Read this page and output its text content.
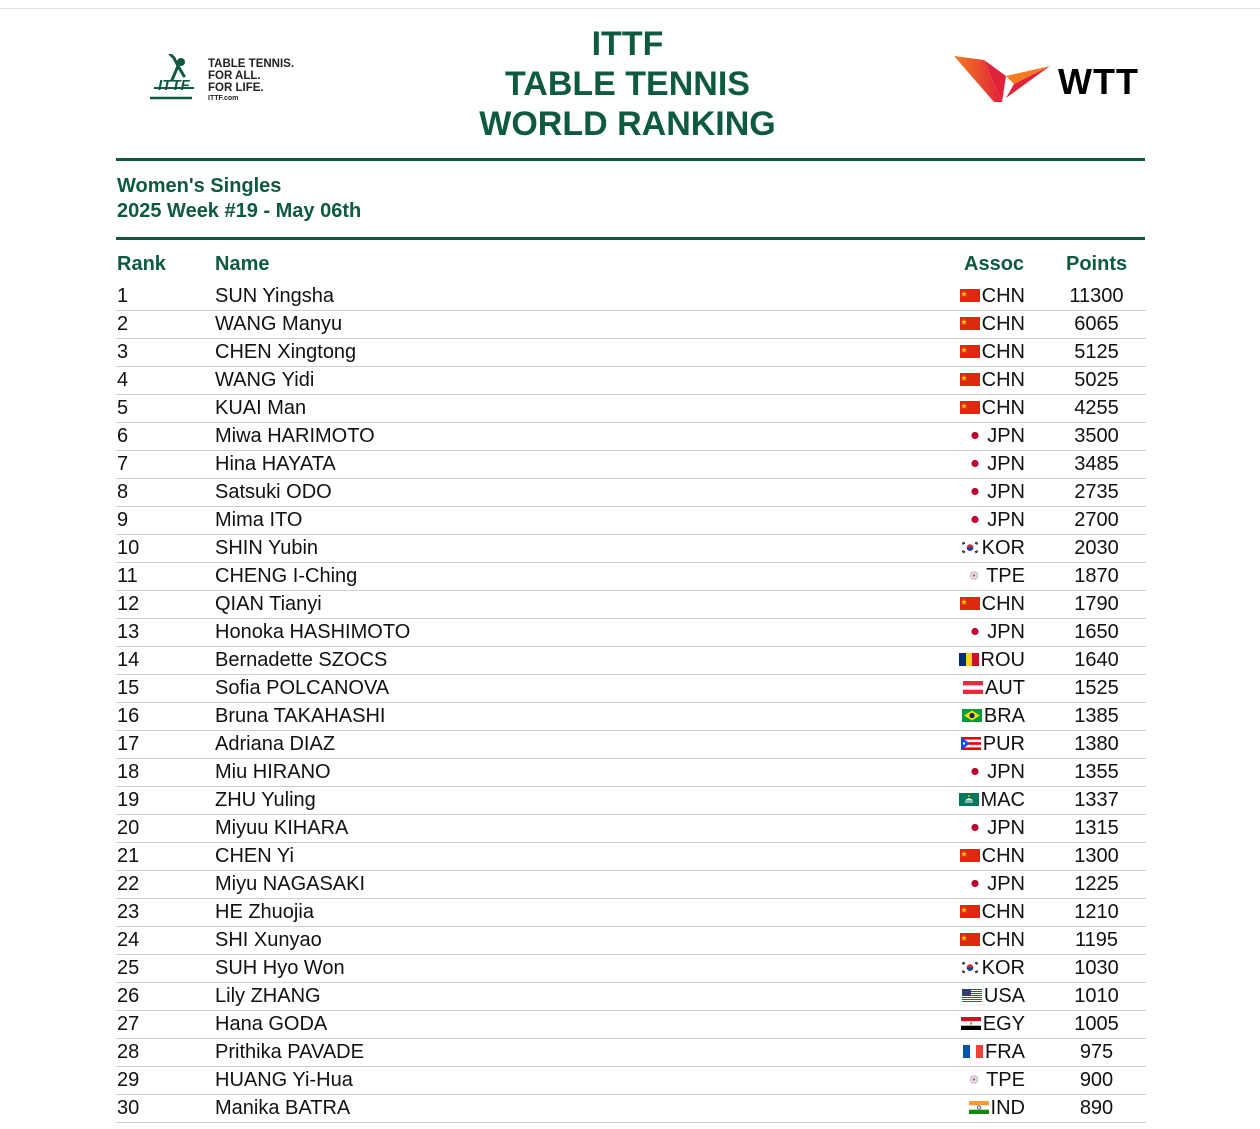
ITTF
TABLE TENNIS.
FOR ALL.
FOR LIFE.
ITTF.com
ITTF
TABLE TENNIS
WORLD RANKING
WTT
Women's Singles
2025 Week #19 - May 06th
Rank Name	Assoc Points
1	SUN Yingsha	CHN	11300
2	WANG Manyu	CHN	6065
3	CHEN Xingtong	CHN	5125
4	WANG Yidi	CHN	5025
5	KUAI Man	CHN	4255
6	Miwa HARIMOTO	JPN	3500
7	Hina HAYATA	JPN	3485
8	Satsuki ODO	JPN	2735
9	Mima ITO	JPN	2700
10	SHIN Yubin	KOR	2030
11	CHENG I-Ching	TPE	1870
12	QIAN Tianyi	CHN	1790
13	Honoka HASHIMOTO	JPN	1650
14	Bernadette SZOCS	ROU	1640
15	Sofia POLCANOVA	AUT	1525
16	Bruna TAKAHASHI	BRA	1385
17	Adriana DIAZ	PUR	1380
18	Miu HIRANO	JPN	1355
19	ZHU Yuling	MAC	1337
20	Miyuu KIHARA	JPN	1315
21	CHEN Yi	CHN	1300
22	Miyu NAGASAKI	JPN	1225
23	HE Zhuojia	CHN	1210
24	SHI Xunyao	CHN	1195
25	SUH Hyo Won	KOR	1030
26	Lily ZHANG	USA	1010
27	Hana GODA	EGY	1005
28	Prithika PAVADE	FRA	975
29	HUANG Yi-Hua	TPE	900
30	Manika BATRA	IND	890
